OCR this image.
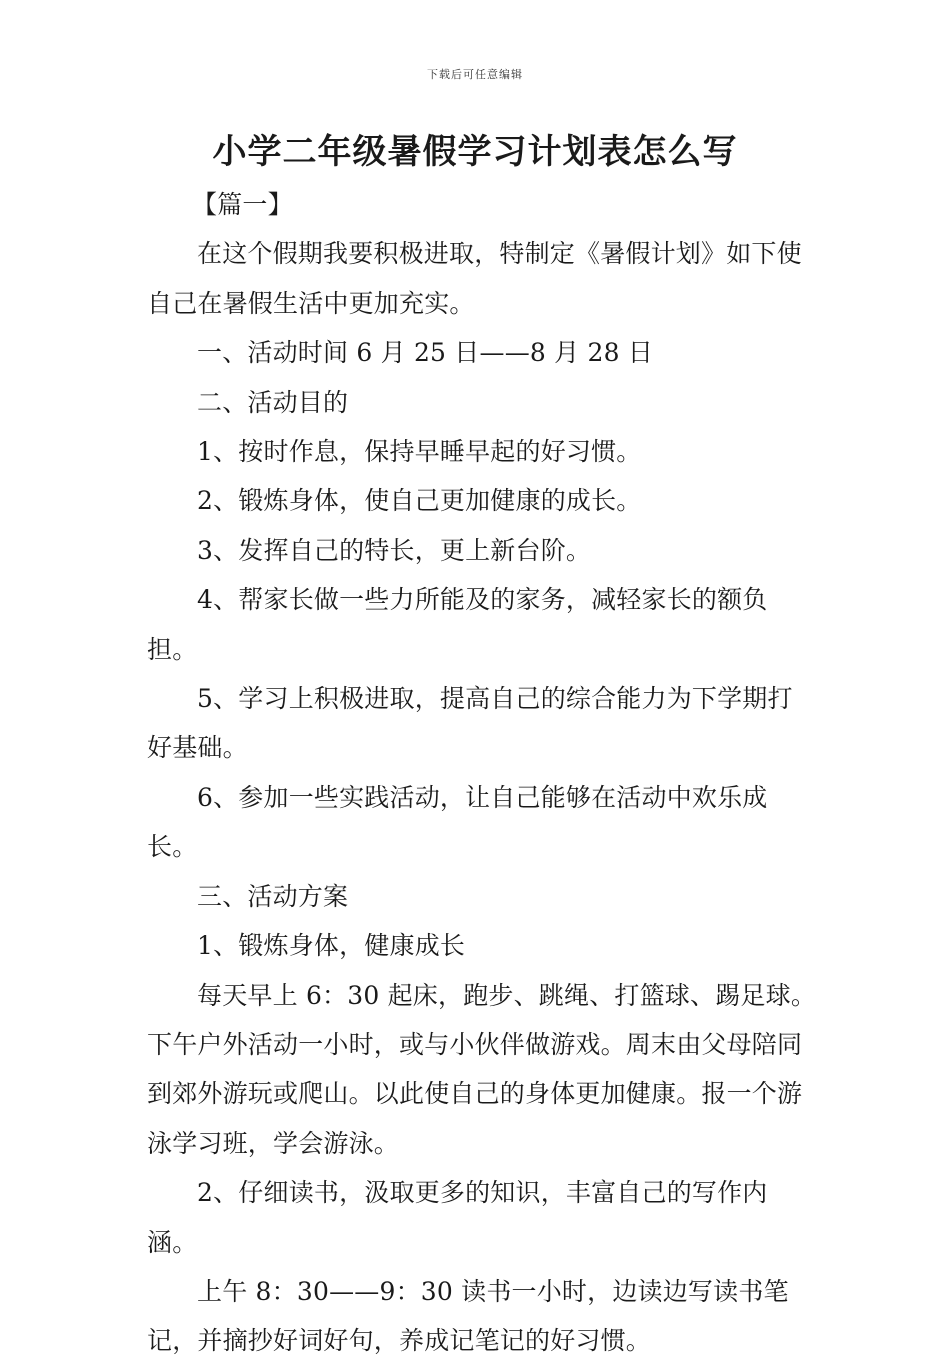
下载后可任意编辑
小学二年级暑假学习计划表怎么写

【篇一】

在这个假期我要积极进取，特制定《暑假计划》如下使自己在暑假生活中更加充实。

一、活动时间 6 月 25 日——8 月 28 日

二、活动目的

1、按时作息，保持早睡早起的好习惯。

2、锻炼身体，使自己更加健康的成长。

3、发挥自己的特长，更上新台阶。

4、帮家长做一些力所能及的家务，减轻家长的额负担。

5、学习上积极进取，提高自己的综合能力为下学期打好基础。

6、参加一些实践活动，让自己能够在活动中欢乐成长。

三、活动方案

1、锻炼身体，健康成长

每天早上 6：30 起床，跑步、跳绳、打篮球、踢足球。下午户外活动一小时，或与小伙伴做游戏。周末由父母陪同到郊外游玩或爬山。以此使自己的身体更加健康。报一个游泳学习班，学会游泳。

2、仔细读书，汲取更多的知识，丰富自己的写作内涵。

上午 8：30——9：30 读书一小时，边读边写读书笔记，并摘抄好词好句，养成记笔记的好习惯。
